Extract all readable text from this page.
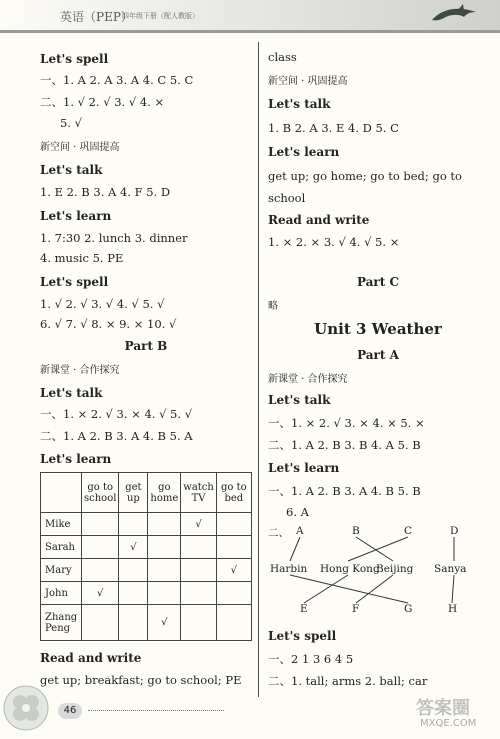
英语（PEP）
四年级下册（配人教版）

Let's spell

一、1. A 2. A 3. A 4. C 5. C

二、1. √ 2. √ 3. √ 4. ×

5. √

新空间 · 巩固提高

Let's talk

1. E 2. B 3. A 4. F 5. D

Let's learn

1. 7:30 2. lunch 3. dinner

4. music 5. PE

Let's spell

1. √ 2. √ 3. √ 4. √ 5. √

6. √ 7. √ 8. × 9. × 10. √

Part B

新课堂 · 合作探究

Let's talk

一、1. × 2. √ 3. × 4. √ 5. √

二、1. A 2. B 3. A 4. B 5. A

Let's learn

	go to school	get up	go home	watch TV	go to bed
Mike				√	
Sarah		√			
Mary					√
John	√				
Zhang Peng			√		

Read and write

get up; breakfast; go to school; PE

class

新空间 · 巩固提高

Let's talk

1. B 2. A 3. E 4. D 5. C

Let's learn

get up; go home; go to bed; go to

school

Read and write

1. × 2. × 3. √ 4. √ 5. ×

Part C

略

Unit 3 Weather

Part A

新课堂 · 合作探究

Let's talk

一、1. × 2. √ 3. × 4. × 5. ×

二、1. A 2. B 3. B 4. A 5. B

Let's learn

一、1. A 2. B 3. A 4. B 5. B

6. A

二、 A	B	C	D
Harbin Hong Kong
Beijing Sanya
E	F	G	H

Let's spell

一、2 1 3 6 4 5

二、1. tall; arms 2. ball; car

46	答案圈
MXQE.COM
